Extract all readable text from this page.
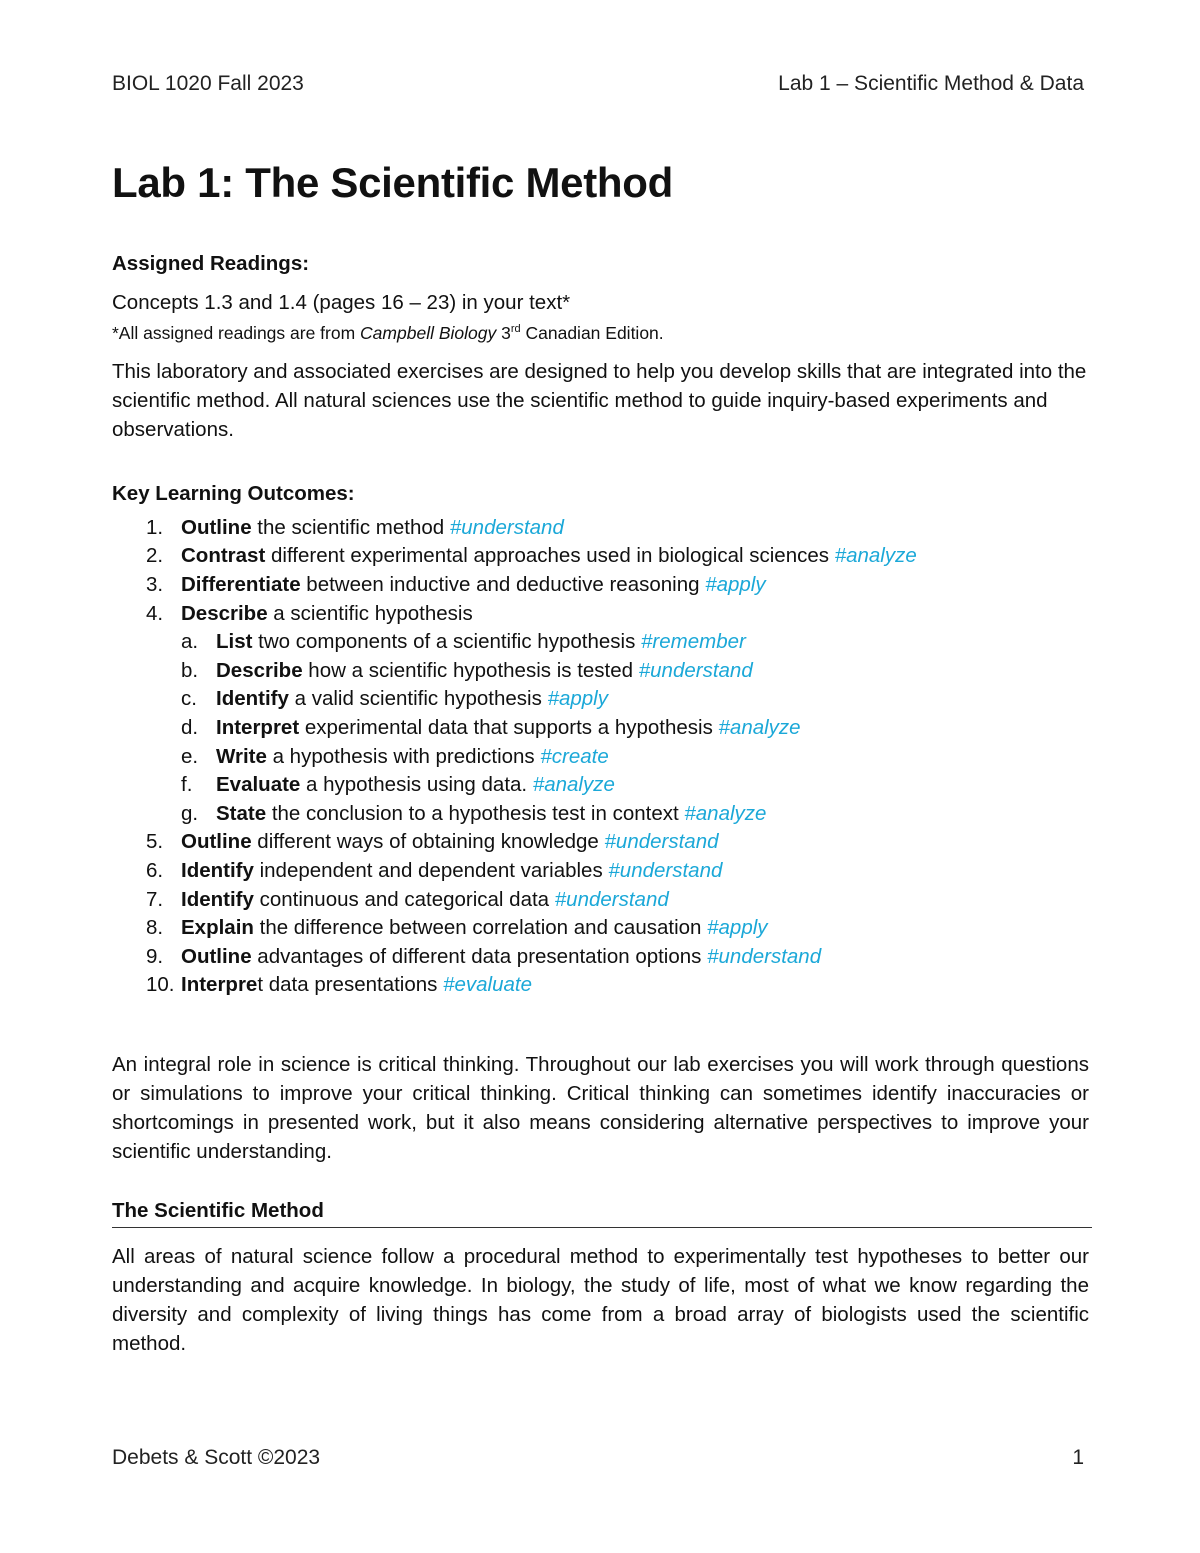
BIOL 1020 Fall 2023	Lab 1 – Scientific Method & Data
Lab 1: The Scientific Method
Assigned Readings:

Concepts 1.3 and 1.4 (pages 16 – 23) in your text*

*All assigned readings are from Campbell Biology 3rd Canadian Edition.

This laboratory and associated exercises are designed to help you develop skills that are integrated into the scientific method. All natural sciences use the scientific method to guide inquiry-based experiments and observations.

Key Learning Outcomes:
1. Outline the scientific method #understand
2. Contrast different experimental approaches used in biological sciences #analyze
3. Differentiate between inductive and deductive reasoning #apply
4. Describe a scientific hypothesis
a. List two components of a scientific hypothesis #remember
b. Describe how a scientific hypothesis is tested #understand
c. Identify a valid scientific hypothesis #apply
d. Interpret experimental data that supports a hypothesis #analyze
e. Write a hypothesis with predictions #create
f. Evaluate a hypothesis using data. #analyze
g. State the conclusion to a hypothesis test in context #analyze
5. Outline different ways of obtaining knowledge #understand
6. Identify independent and dependent variables #understand
7. Identify continuous and categorical data #understand
8. Explain the difference between correlation and causation #apply
9. Outline advantages of different data presentation options #understand
10. Interpret data presentations #evaluate

An integral role in science is critical thinking. Throughout our lab exercises you will work through questions or simulations to improve your critical thinking. Critical thinking can sometimes identify inaccuracies or shortcomings in presented work, but it also means considering alternative perspectives to improve your scientific understanding.

The Scientific Method

All areas of natural science follow a procedural method to experimentally test hypotheses to better our understanding and acquire knowledge. In biology, the study of life, most of what we know regarding the diversity and complexity of living things has come from a broad array of biologists used the scientific method.

Debets & Scott ©2023	1
